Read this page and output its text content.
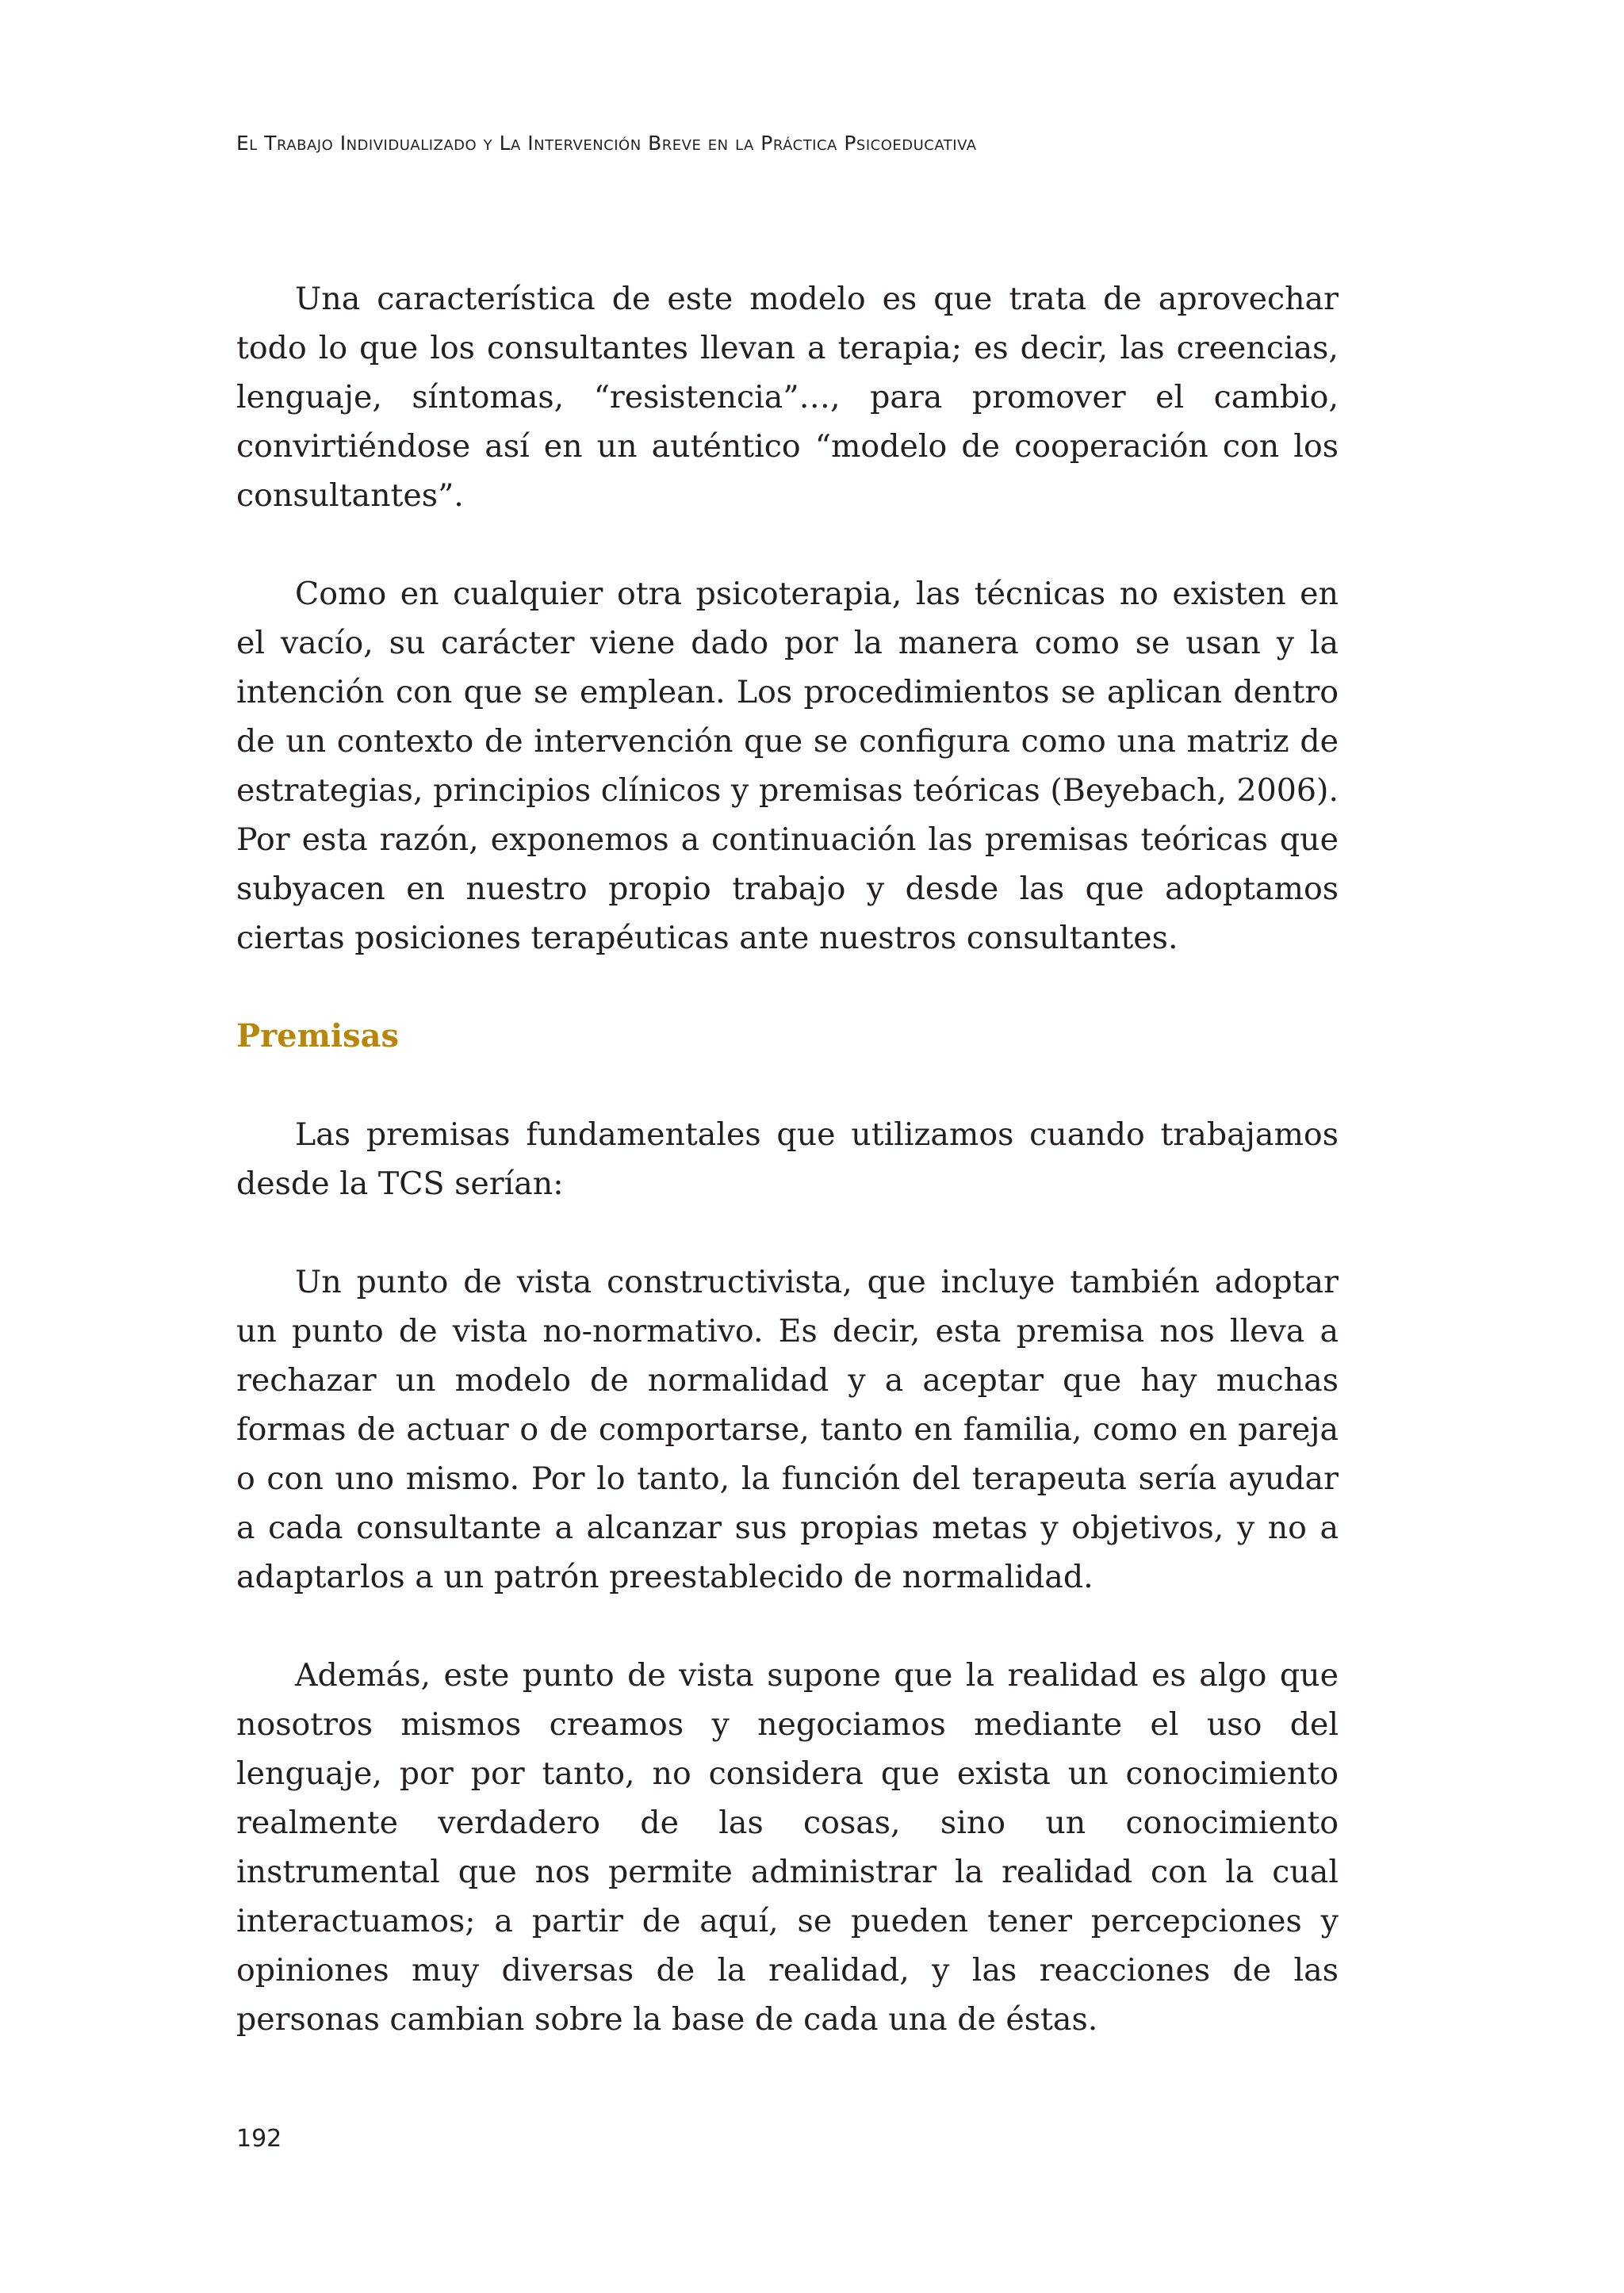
El Trabajo Individualizado y La Intervención Breve en la Práctica Psicoeducativa

Una característica de este modelo es que trata de aprovechar todo lo que los consultantes llevan a terapia; es decir, las creencias, lenguaje, síntomas, “resistencia”…, para promover el cambio, convirtiéndose así en un auténtico “modelo de cooperación con los consultantes”.

Como en cualquier otra psicoterapia, las técnicas no existen en el vacío, su carácter viene dado por la manera como se usan y la intención con que se emplean. Los procedimientos se aplican dentro de un contexto de intervención que se configura como una matriz de estrategias, principios clínicos y premisas teóricas (Beyebach, 2006). Por esta razón, exponemos a continuación las premisas teóricas que subyacen en nuestro propio trabajo y desde las que adoptamos ciertas posiciones terapéuticas ante nuestros consultantes.

Premisas

Las premisas fundamentales que utilizamos cuando trabajamos desde la TCS serían:

Un punto de vista constructivista, que incluye también adoptar un punto de vista no-normativo. Es decir, esta premisa nos lleva a rechazar un modelo de normalidad y a aceptar que hay muchas formas de actuar o de comportarse, tanto en familia, como en pareja o con uno mismo. Por lo tanto, la función del terapeuta sería ayudar a cada consultante a alcanzar sus propias metas y objetivos, y no a adaptarlos a un patrón preestablecido de normalidad.

Además, este punto de vista supone que la realidad es algo que nosotros mismos creamos y negociamos mediante el uso del lenguaje, por por tanto, no considera que exista un conocimiento realmente verdadero de las cosas, sino un conocimiento instrumental que nos permite administrar la realidad con la cual interactuamos; a partir de aquí, se pueden tener percepciones y opiniones muy diversas de la realidad, y las reacciones de las personas cambian sobre la base de cada una de éstas.

192
